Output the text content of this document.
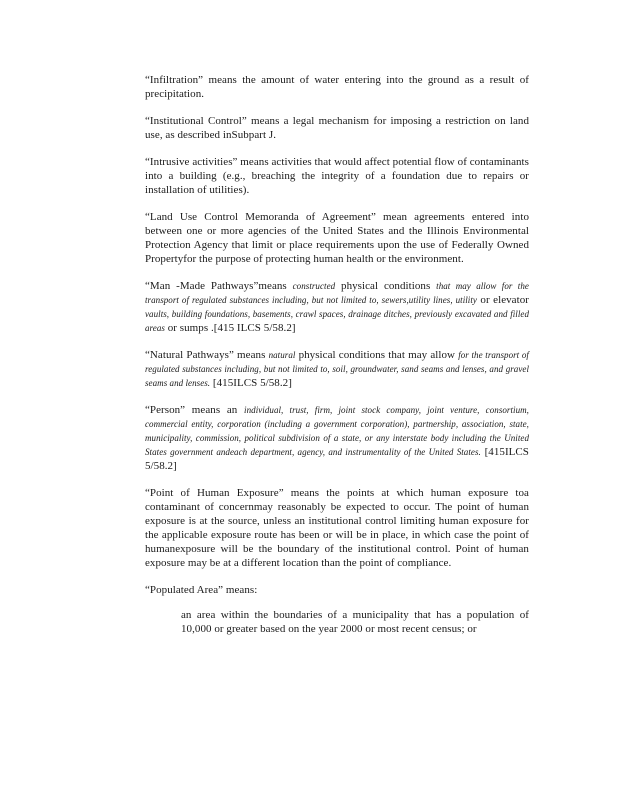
“Infiltration” means the amount of water entering into the ground as a result of precipitation.

“Institutional Control” means a legal mechanism for imposing a restriction on land use, as described inSubpart J.

“Intrusive activities” means activities that would affect potential flow of contaminants into a building (e.g., breaching the integrity of a foundation due to repairs or installation of utilities).

“Land Use Control Memoranda of Agreement” mean agreements entered into between one or more agencies of the United States and the Illinois Environmental Protection Agency that limit or place requirements upon the use of Federally Owned Propertyfor the purpose of protecting human health or the environment.

“Man -Made Pathways”means constructed physical conditions that may allow for the transport of regulated substances including, but not limited to, sewers,utility lines, utility or elevator vaults, building foundations, basements, crawl spaces, drainage ditches, previously excavated and filled areas or sumps .[415 ILCS 5/58.2]

“Natural Pathways” means natural physical conditions that may allow for the transport of regulated substances including, but not limited to, soil, groundwater, sand seams and lenses, and gravel seams and lenses. [415ILCS 5/58.2]

“Person” means an individual, trust, firm, joint stock company, joint venture, consortium, commercial entity, corporation (including a government corporation), partnership, association, state, municipality, commission, political subdivision of a state, or any interstate body including the United States government andeach department, agency, and instrumentality of the United States. [415ILCS 5/58.2]

“Point of Human Exposure” means the points at which human exposure toa contaminant of concernmay reasonably be expected to occur. The point of human exposure is at the source, unless an institutional control limiting human exposure for the applicable exposure route has been or will be in place, in which case the point of humanexposure will be the boundary of the institutional control. Point of human exposure may be at a different location than the point of compliance.

“Populated Area” means:

an area within the boundaries of a municipality that has a population of 10,000 or greater based on the year 2000 or most recent census; or
